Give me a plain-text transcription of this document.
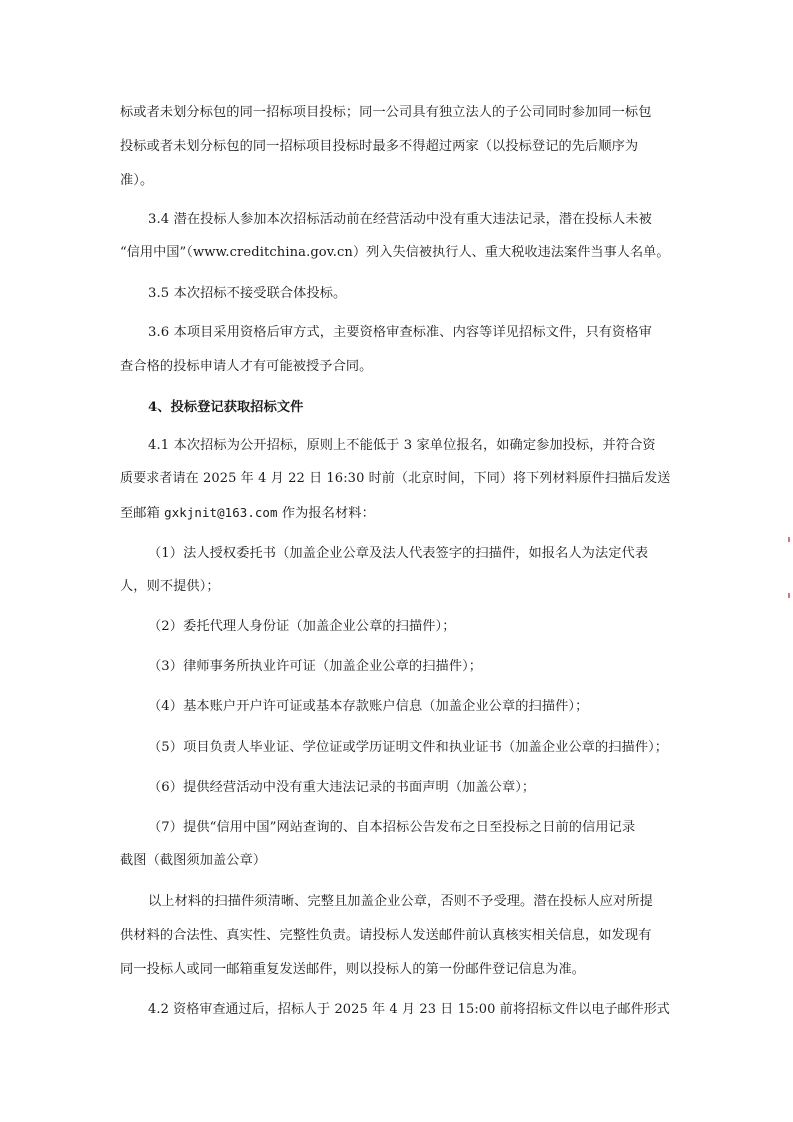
标或者未划分标包的同一招标项目投标；同一公司具有独立法人的子公司同时参加同一标包
投标或者未划分标包的同一招标项目投标时最多不得超过两家（以投标登记的先后顺序为
准）。
3.4 潜在投标人参加本次招标活动前在经营活动中没有重大违法记录，潜在投标人未被
“信用中国”（www.creditchina.gov.cn）列入失信被执行人、重大税收违法案件当事人名单。
3.5 本次招标不接受联合体投标。
3.6 本项目采用资格后审方式，主要资格审查标准、内容等详见招标文件，只有资格审
查合格的投标申请人才有可能被授予合同。
4、投标登记获取招标文件
4.1 本次招标为公开招标，原则上不能低于 3 家单位报名，如确定参加投标，并符合资
质要求者请在 2025 年 4 月 22 日 16:30 时前（北京时间，下同）将下列材料原件扫描后发送
至邮箱 gxkjnit@163.com 作为报名材料：
（1）法人授权委托书（加盖企业公章及法人代表签字的扫描件，如报名人为法定代表
人，则不提供）；
（2）委托代理人身份证（加盖企业公章的扫描件）；
（3）律师事务所执业许可证（加盖企业公章的扫描件）；
（4）基本账户开户许可证或基本存款账户信息（加盖企业公章的扫描件）；
（5）项目负责人毕业证、学位证或学历证明文件和执业证书（加盖企业公章的扫描件）；
（6）提供经营活动中没有重大违法记录的书面声明（加盖公章）；
（7）提供“信用中国”网站查询的、自本招标公告发布之日至投标之日前的信用记录
截图（截图须加盖公章）
以上材料的扫描件须清晰、完整且加盖企业公章，否则不予受理。潜在投标人应对所提
供材料的合法性、真实性、完整性负责。请投标人发送邮件前认真核实相关信息，如发现有
同一投标人或同一邮箱重复发送邮件，则以投标人的第一份邮件登记信息为准。
4.2 资格审查通过后，招标人于 2025 年 4 月 23 日 15:00 前将招标文件以电子邮件形式
